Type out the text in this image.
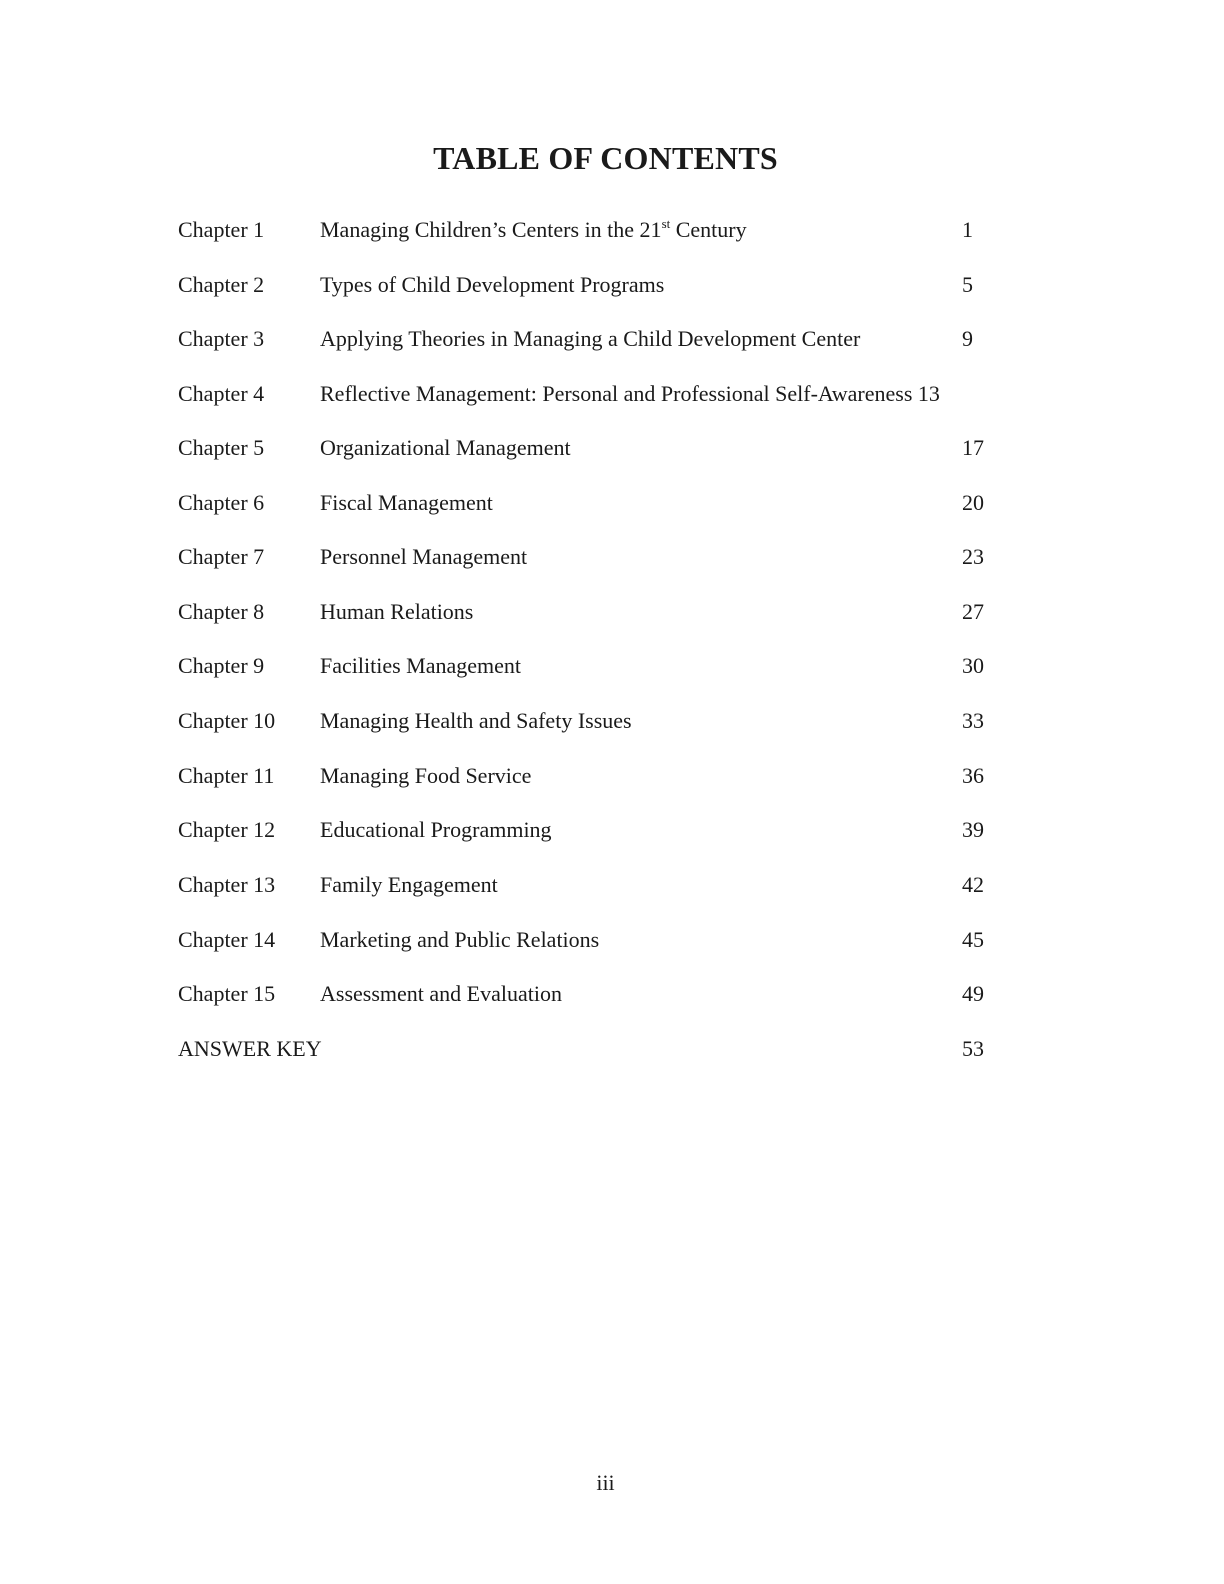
TABLE OF CONTENTS
Chapter 1	Managing Children’s Centers in the 21st Century	1
Chapter 2	Types of Child Development Programs	5
Chapter 3	Applying Theories in Managing a Child Development Center	9
Chapter 4	Reflective Management: Personal and Professional Self-Awareness 13
Chapter 5	Organizational Management	17
Chapter 6	Fiscal Management	20
Chapter 7	Personnel Management	23
Chapter 8	Human Relations	27
Chapter 9	Facilities Management	30
Chapter 10 Managing Health and Safety Issues	33
Chapter 11 Managing Food Service	36
Chapter 12 Educational Programming	39
Chapter 13 Family Engagement	42
Chapter 14 Marketing and Public Relations	45
Chapter 15 Assessment and Evaluation	49
ANSWER KEY	53
iii
